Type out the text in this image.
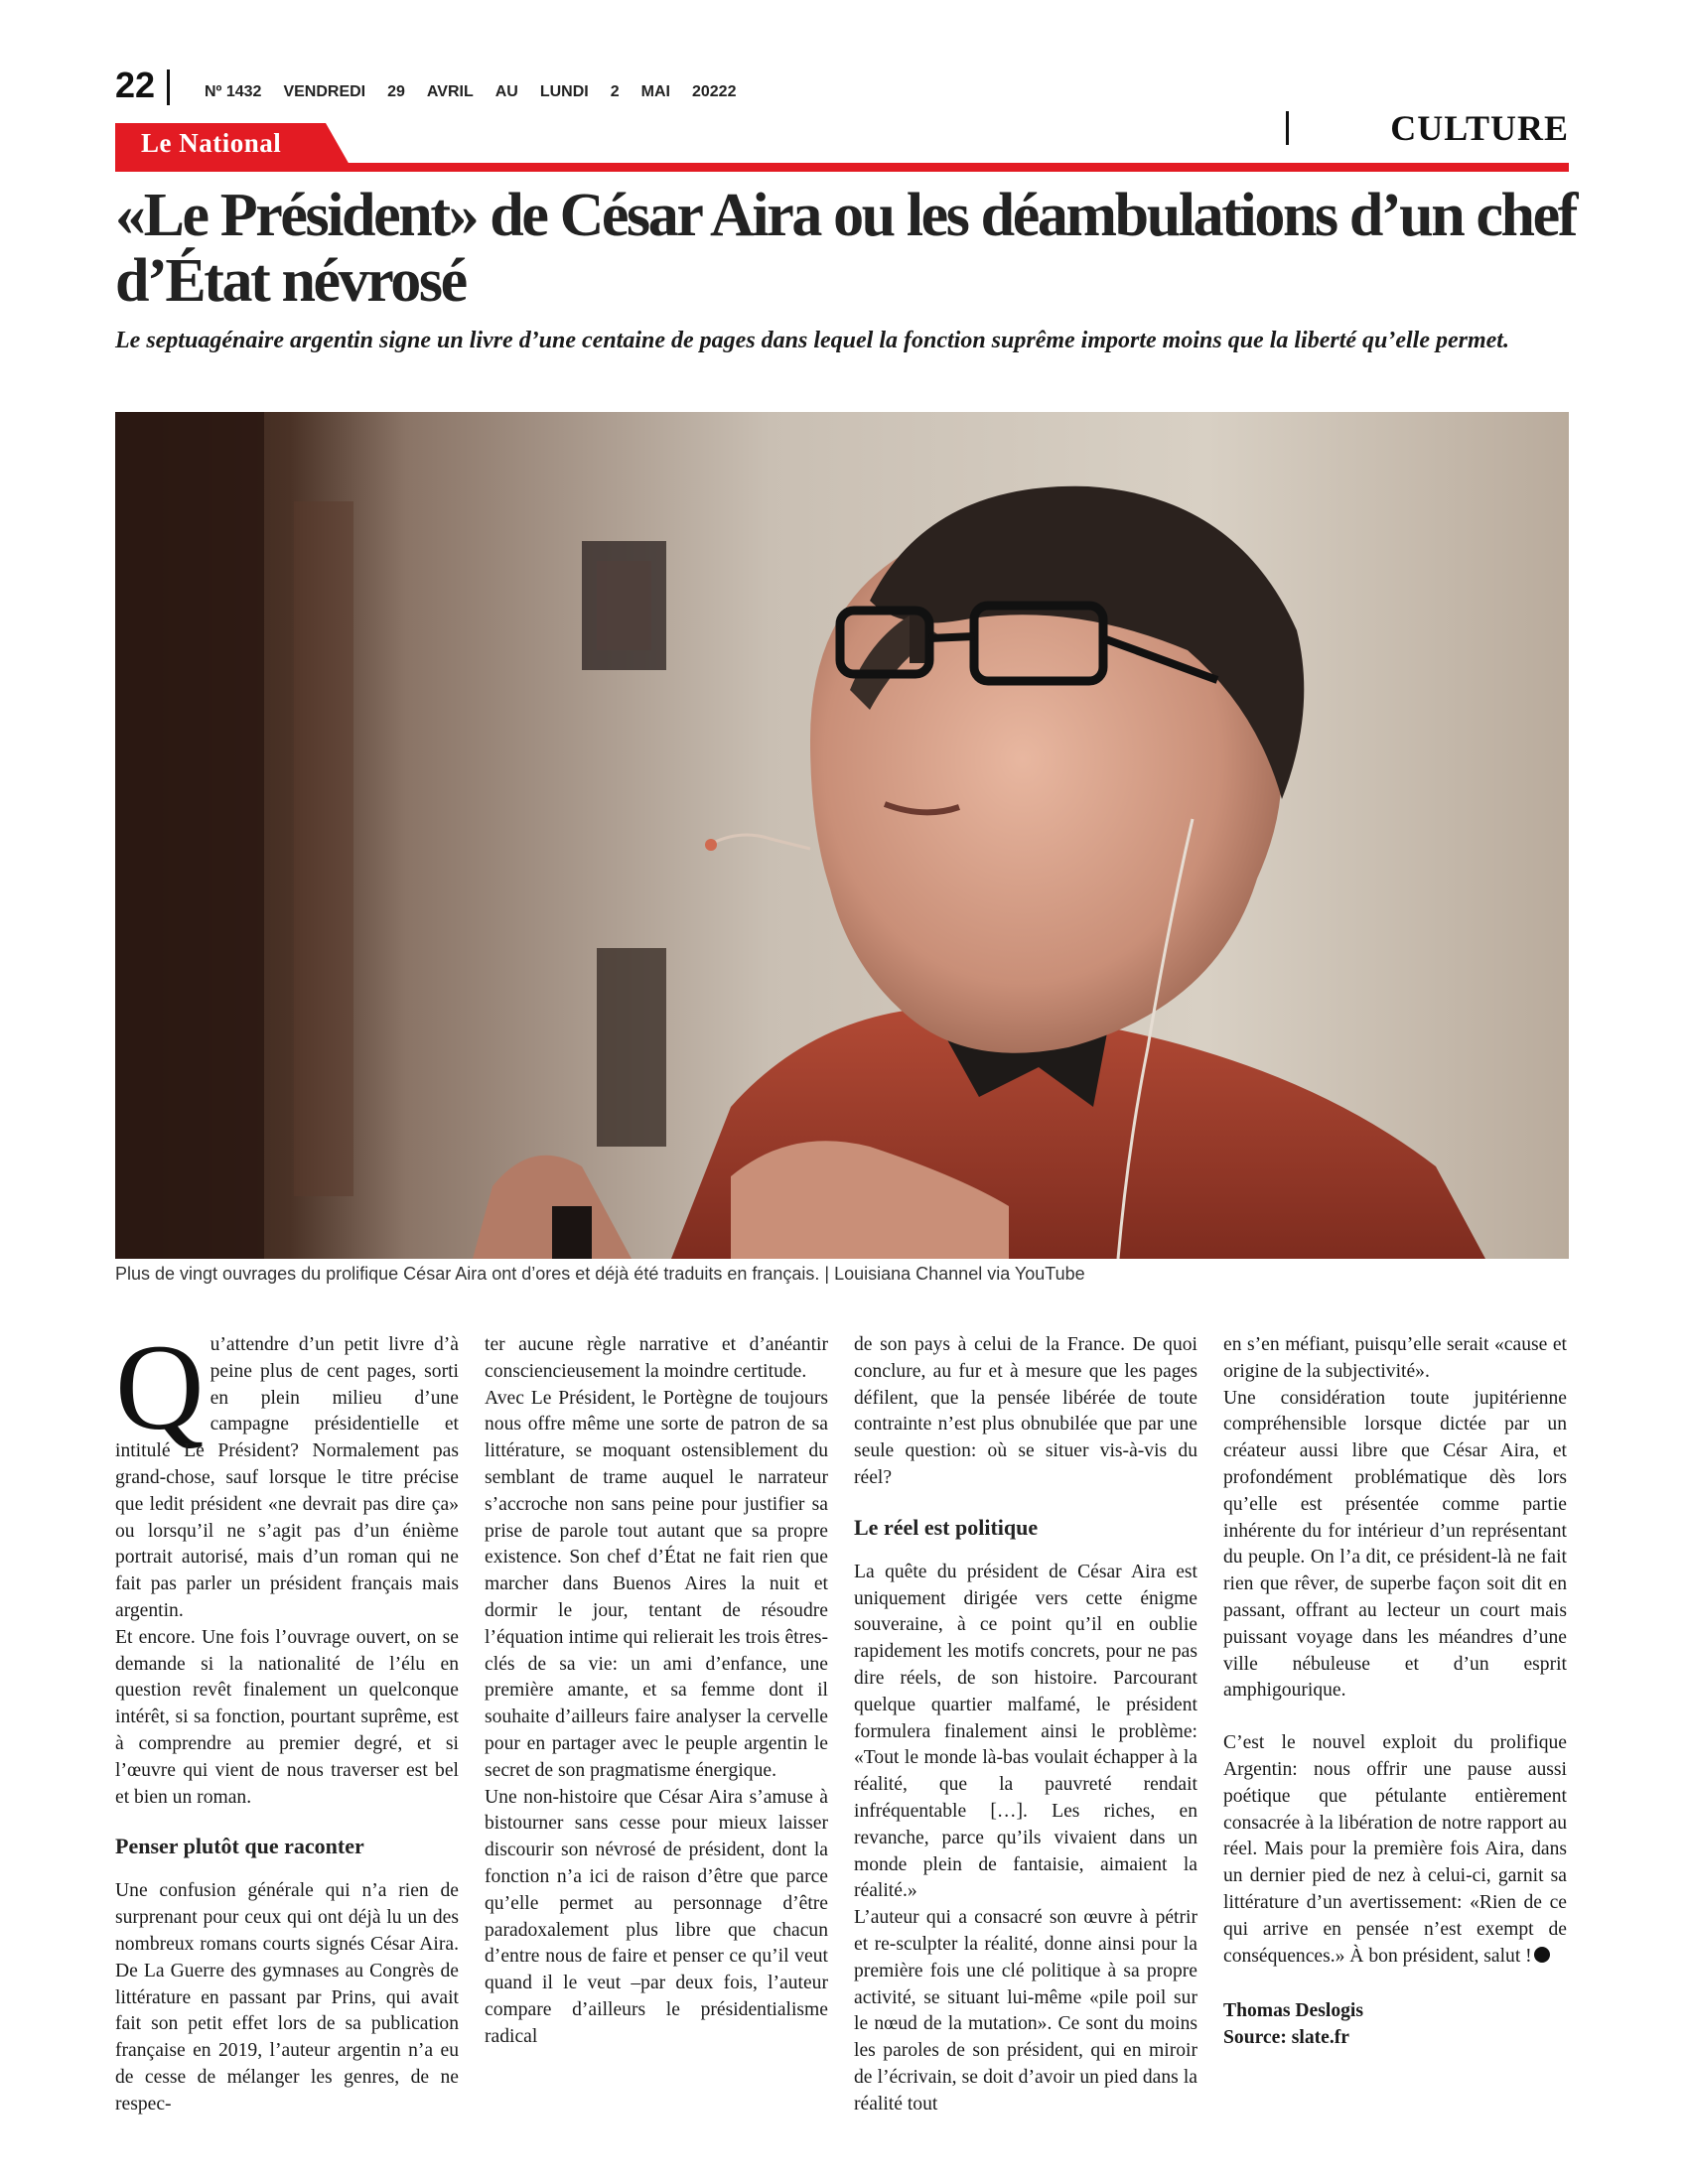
22	Nº 1432 VENDREDI 29 AVRIL AU LUNDI 2 MAI 20222
CULTURE
Le National
«Le Président» de César Aira ou les déambulations d’un chef d’État névrosé

Le septuagénaire argentin signe un livre d’une centaine de pages dans lequel la fonction suprême importe moins que la liberté qu’elle permet.

Plus de vingt ouvrages du prolifique César Aira ont d’ores et déjà été traduits en français. | Louisiana Channel via YouTube
Q u’attendre d’un petit livre d’à peine plus de cent pages, sorti en plein milieu d’une campagne présidentielle et intitulé Le Président? Normalement pas grand-chose, sauf lorsque le titre précise que ledit président «ne devrait pas dire ça» ou lorsqu’il ne s’agit pas d’un énième portrait autorisé, mais d’un roman qui ne fait pas parler un président français mais argentin.

Et encore. Une fois l’ouvrage ouvert, on se demande si la nationalité de l’élu en question revêt finalement un quelconque intérêt, si sa fonction, pourtant suprême, est à comprendre au premier degré, et si l’œuvre qui vient de nous traverser est bel et bien un roman.

Penser plutôt que raconter

Une confusion générale qui n’a rien de surprenant pour ceux qui ont déjà lu un des nombreux romans courts signés César Aira. De La Guerre des gymnases au Congrès de littérature en passant par Prins, qui avait fait son petit effet lors de sa publication française en 2019, l’auteur argentin n’a eu de cesse de mélanger les genres, de ne respec-

ter aucune règle narrative et d’anéantir consciencieusement la moindre certitude.

Avec Le Président, le Portègne de toujours nous offre même une sorte de patron de sa littérature, se moquant ostensiblement du semblant de trame auquel le narrateur s’accroche non sans peine pour justifier sa prise de parole tout autant que sa propre existence. Son chef d’État ne fait rien que marcher dans Buenos Aires la nuit et dormir le jour, tentant de résoudre l’équation intime qui relierait les trois êtres-clés de sa vie: un ami d’enfance, une première amante, et sa femme dont il souhaite d’ailleurs faire analyser la cervelle pour en partager avec le peuple argentin le secret de son pragmatisme énergique.

Une non-histoire que César Aira s’amuse à bistourner sans cesse pour mieux laisser discourir son névrosé de président, dont la fonction n’a ici de raison d’être que parce qu’elle permet au personnage d’être paradoxalement plus libre que chacun d’entre nous de faire et penser ce qu’il veut quand il le veut –par deux fois, l’auteur compare d’ailleurs le présidentialisme radical

de son pays à celui de la France. De quoi conclure, au fur et à mesure que les pages défilent, que la pensée libérée de toute contrainte n’est plus obnubilée que par une seule question: où se situer vis-à-vis du réel?

Le réel est politique

La quête du président de César Aira est uniquement dirigée vers cette énigme souveraine, à ce point qu’il en oublie rapidement les motifs concrets, pour ne pas dire réels, de son histoire. Parcourant quelque quartier malfamé, le président formulera finalement ainsi le problème: «Tout le monde là-bas voulait échapper à la réalité, que la pauvreté rendait infréquentable […]. Les riches, en revanche, parce qu’ils vivaient dans un monde plein de fantaisie, aimaient la réalité.»

L’auteur qui a consacré son œuvre à pétrir et re-sculpter la réalité, donne ainsi pour la première fois une clé politique à sa propre activité, se situant lui-même «pile poil sur le nœud de la mutation». Ce sont du moins les paroles de son président, qui en miroir de l’écrivain, se doit d’avoir un pied dans la réalité tout

en s’en méfiant, puisqu’elle serait «cause et origine de la subjectivité».

Une considération toute jupitérienne compréhensible lorsque dictée par un créateur aussi libre que César Aira, et profondément problématique dès lors qu’elle est présentée comme partie inhérente du for intérieur d’un représentant du peuple. On l’a dit, ce président-là ne fait rien que rêver, de superbe façon soit dit en passant, offrant au lecteur un court mais puissant voyage dans les méandres d’une ville nébuleuse et d’un esprit amphigourique.

C’est le nouvel exploit du prolifique Argentin: nous offrir une pause aussi poétique que pétulante entièrement consacrée à la libération de notre rapport au réel. Mais pour la première fois Aira, dans un dernier pied de nez à celui-ci, garnit sa littérature d’un avertissement: «Rien de ce qui arrive en pensée n’est exempt de conséquences.» À bon président, salut !

Thomas Deslogis
Source: slate.fr
